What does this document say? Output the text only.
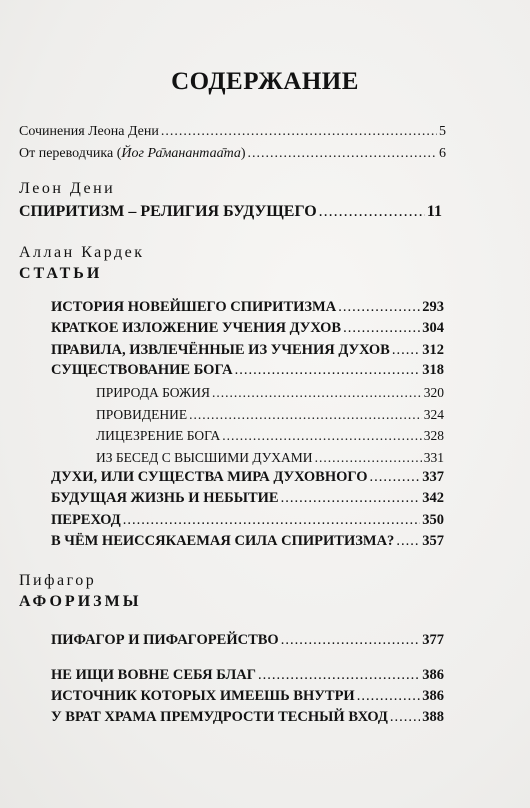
СОДЕРЖАНИЕ
Сочинения Леона Дени .....	5
От переводчика (Йог Ра̄манантаа̄та) .....	6
Леон Дени
СПИРИТИЗМ – РЕЛИГИЯ БУДУЩЕГО .....	11
Аллан Кардек
СТАТЬИ
ИСТОРИЯ НОВЕЙШЕГО СПИРИТИЗМА .....	293
КРАТКОЕ ИЗЛОЖЕНИЕ УЧЕНИЯ ДУХОВ .....	304
ПРАВИЛА, ИЗВЛЕЧЁННЫЕ ИЗ УЧЕНИЯ ДУХОВ ..... 312
СУЩЕСТВОВАНИЕ БОГА .....	318
ПРИРОДА БОЖИЯ .....	320
ПРОВИДЕНИЕ .....	324
ЛИЦЕЗРЕНИЕ БОГА .....	328
ИЗ БЕСЕД С ВЫСШИМИ ДУХАМИ .....	331
ДУХИ, ИЛИ СУЩЕСТВА МИРА ДУХОВНОГО .....	337
БУДУЩАЯ ЖИЗНЬ И НЕБЫТИЕ .....	342
ПЕРЕХОД .....	350
В ЧЁМ НЕИССЯКАЕМАЯ СИЛА СПИРИТИЗМА? ..... 357
Пифагор
АФОРИЗМЫ
ПИФАГОР И ПИФАГОРЕЙСТВО .....	377
НЕ ИЩИ ВОВНЕ СЕБЯ БЛАГ .....	386
ИСТОЧНИК КОТОРЫХ ИМЕЕШЬ ВНУТРИ .....	386
У ВРАТ ХРАМА ПРЕМУДРОСТИ ТЕСНЫЙ ВХОД ..... 388
